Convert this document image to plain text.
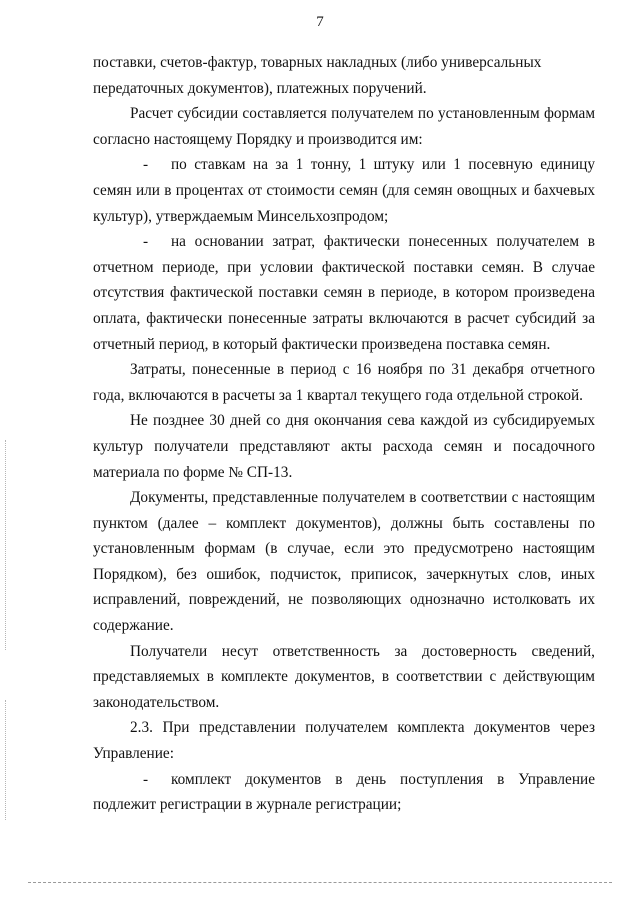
7

поставки, счетов-фактур, товарных накладных (либо универсальных

передаточных документов), платежных поручений.

Расчет субсидии составляется получателем по установленным формам согласно настоящему Порядку и производится им:

- по ставкам на за 1 тонну, 1 штуку или 1 посевную единицу семян или в процентах от стоимости семян (для семян овощных и бахчевых культур), утверждаемым Минсельхозпродом;

- на основании затрат, фактически понесенных получателем в отчетном периоде, при условии фактической поставки семян. В случае отсутствия фактической поставки семян в периоде, в котором произведена оплата, фактически понесенные затраты включаются в расчет субсидий за отчетный период, в который фактически произведена поставка семян.

Затраты, понесенные в период с 16 ноября по 31 декабря отчетного года, включаются в расчеты за 1 квартал текущего года отдельной строкой.

Не позднее 30 дней со дня окончания сева каждой из субсидируемых культур получатели представляют акты расхода семян и посадочного материала по форме № СП-13.

Документы, представленные получателем в соответствии с настоящим пунктом (далее – комплект документов), должны быть составлены по установленным формам (в случае, если это предусмотрено настоящим Порядком), без ошибок, подчисток, приписок, зачеркнутых слов, иных исправлений, повреждений, не позволяющих однозначно истолковать их содержание.

Получатели несут ответственность за достоверность сведений, представляемых в комплекте документов, в соответствии с действующим законодательством.

2.3. При представлении получателем комплекта документов через Управление:

- комплект документов в день поступления в Управление подлежит регистрации в журнале регистрации;
